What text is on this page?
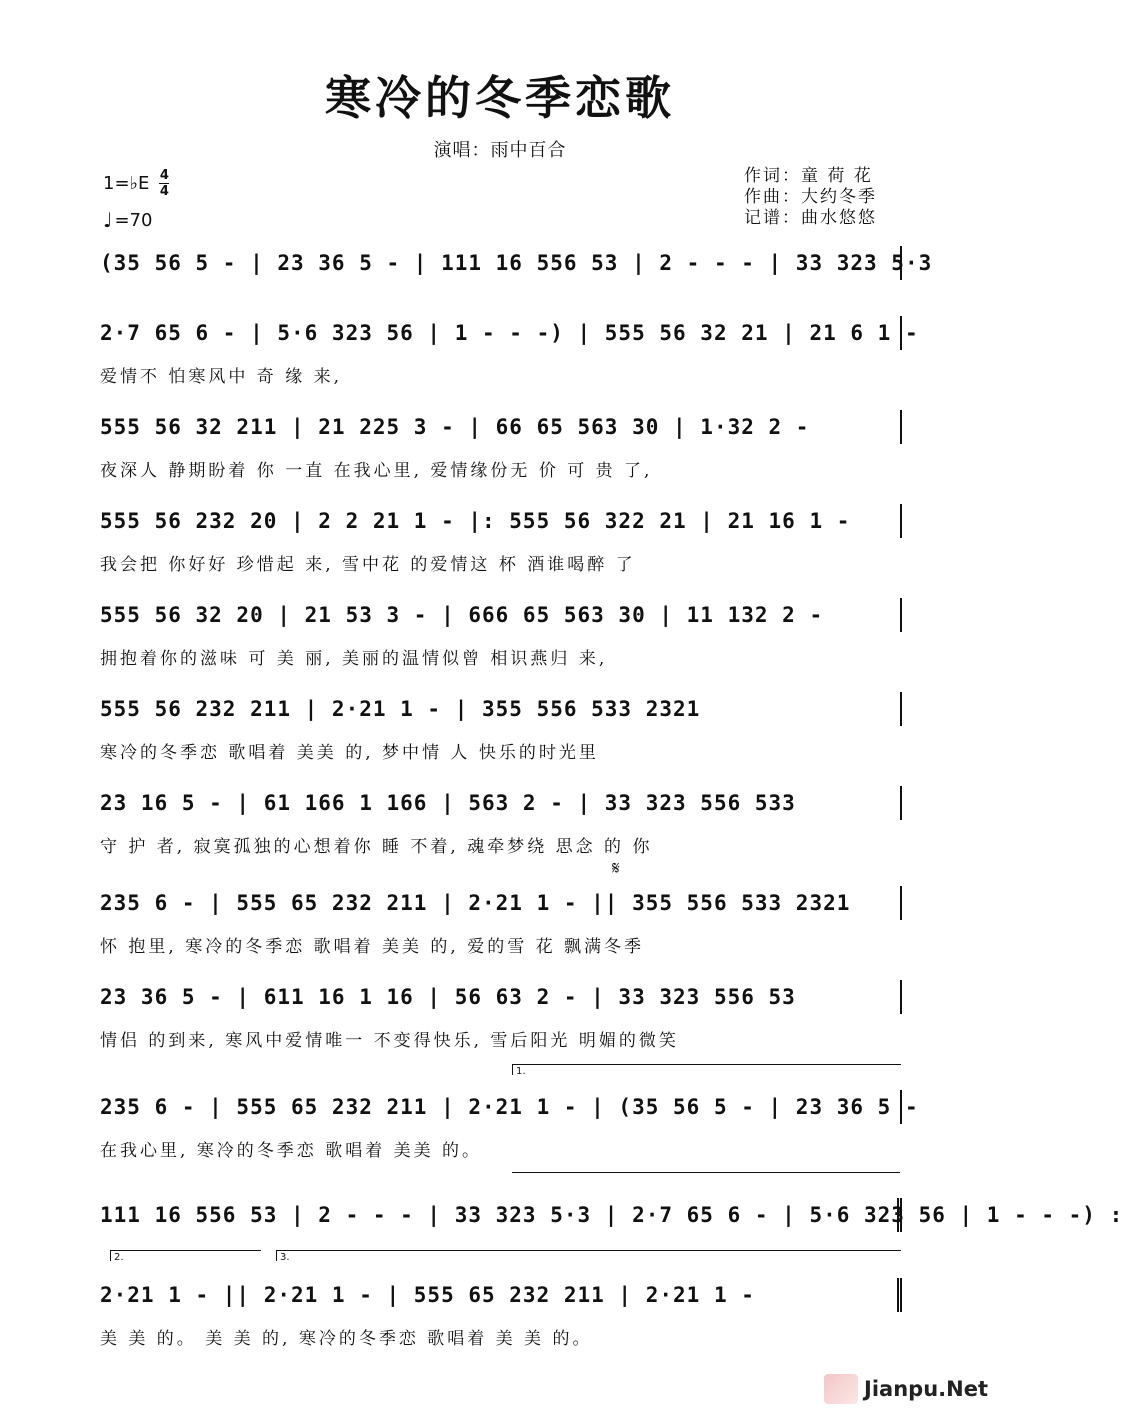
寒冷的冬季恋歌
演唱：雨中百合
1=♭E 4
4
♩ =70
作词：童 荷 花
作曲：大约冬季
记谱：曲水悠悠
𝄋
(35 56 5 - | 23 36 5 - | 111 16 556 53 | 2 - - - | 33 323 5·3
2·7 65 6 - | 5·6 323 56 | 1 - - -) | 555 56 32 21 | 21 6 1 -
爱情不 怕寒风中 奇 缘 来,
555 56 32 211 | 21 225 3 - | 66 65 563 30 | 1·32 2 -
夜深人 静期盼着 你 一直 在我心里, 爱情缘份无 价 可 贵 了,
555 56 232 20 | 2 2 21 1 - |: 555 56 322 21 | 21 16 1 -
我会把 你好好 珍惜起 来, 雪中花 的爱情这 杯 酒谁喝醉 了
555 56 32 20 | 21 53 3 - | 666 65 563 30 | 11 132 2 -
拥抱着你的滋味 可 美 丽, 美丽的温情似曾 相识燕归 来,
555 56 232 211 | 2·21 1 - | 355 556 533 2321
寒冷的冬季恋 歌唱着 美美 的, 梦中情 人 快乐的时光里
23 16 5 - | 61 166 1 166 | 563 2 - | 33 323 556 533
守 护 者, 寂寞孤独的心想着你 睡 不着, 魂牵梦绕 思念 的 你
235 6 - | 555 65 232 211 | 2·21 1 - || 355 556 533 2321
怀 抱里, 寒冷的冬季恋 歌唱着 美美 的, 爱的雪 花 飘满冬季
23 36 5 - | 611 16 1 16 | 56 63 2 - | 33 323 556 53
情侣 的到来, 寒风中爱情唯一 不变得快乐, 雪后阳光 明媚的微笑
235 6 - | 555 65 232 211 | 2·21 1 - | (35 56 5 - | 23 36 5 -
在我心里, 寒冷的冬季恋 歌唱着 美美 的。
111 16 556 53 | 2 - - - | 33 323 5·3 | 2·7 65 6 - | 5·6 323 56 | 1 - - -) :
2·21 1 - || 2·21 1 - | 555 65 232 211 | 2·21 1 -
美 美 的。 美 美 的, 寒冷的冬季恋 歌唱着 美 美 的。
1.
2.	3.
Jianpu.Net
